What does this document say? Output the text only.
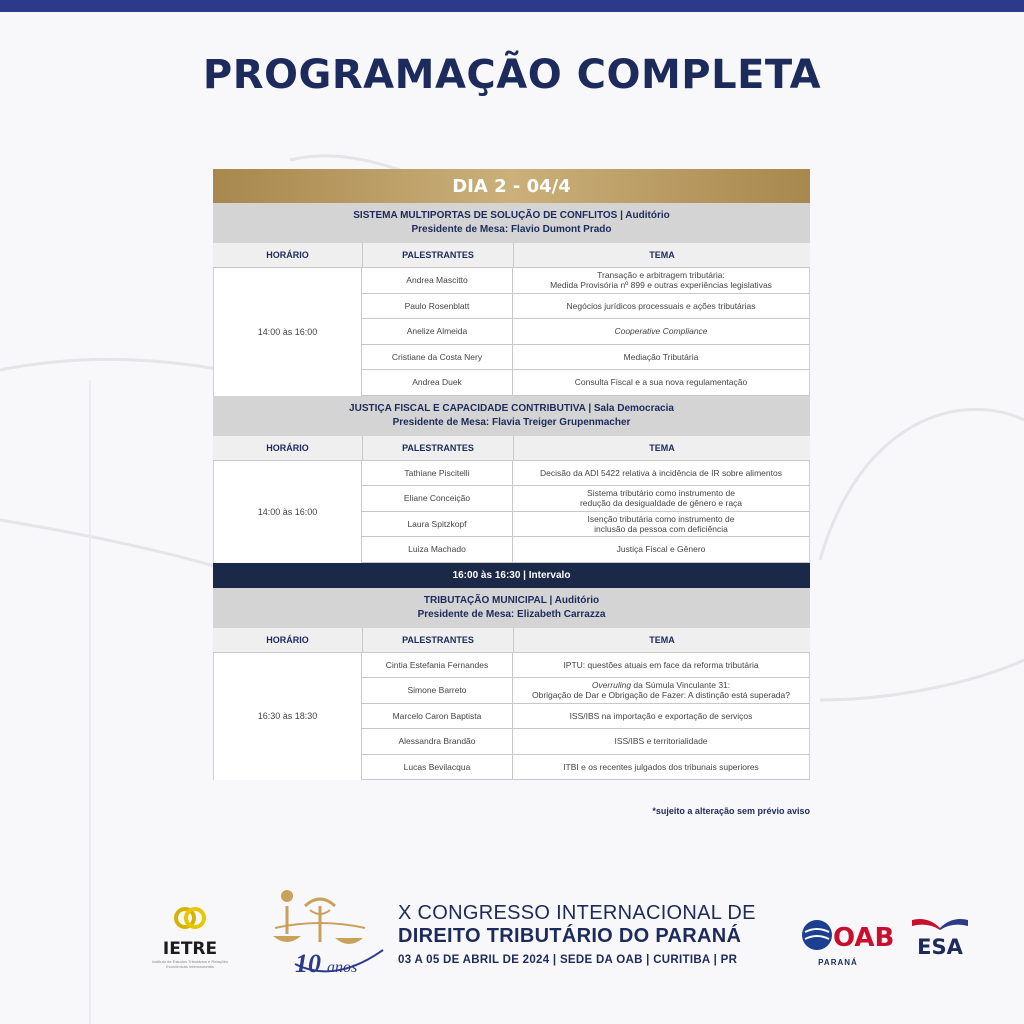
PROGRAMAÇÃO COMPLETA
DIA 2 - 04/4
SISTEMA MULTIPORTAS DE SOLUÇÃO DE CONFLITOS | Auditório
Presidente de Mesa: Flavio Dumont Prado
HORÁRIO	PALESTRANTES	TEMA
14:00 às 16:00
Andrea Mascitto	Transação e arbitragem tributária:
Medida Provisória nº 899 e outras experiências legislativas
Paulo Rosenblatt	Negócios jurídicos processuais e ações tributárias
Anelize Almeida	Cooperative Compliance
Cristiane da Costa Nery	Mediação Tributária
Andrea Duek	Consulta Fiscal e a sua nova regulamentação
JUSTIÇA FISCAL E CAPACIDADE CONTRIBUTIVA | Sala Democracia
Presidente de Mesa: Flavia Treiger Grupenmacher
HORÁRIO	PALESTRANTES	TEMA
14:00 às 16:00
Tathiane Piscitelli	Decisão da ADI 5422 relativa à incidência de IR sobre alimentos
Eliane Conceição	Sistema tributário como instrumento de
redução da desigualdade de gênero e raça
Laura Spitzkopf	Isenção tributária como instrumento de
inclusão da pessoa com deficiência
Luiza Machado	Justiça Fiscal e Gênero
16:00 às 16:30 | Intervalo
TRIBUTAÇÃO MUNICIPAL | Auditório
Presidente de Mesa: Elizabeth Carrazza
HORÁRIO	PALESTRANTES	TEMA
16:30 às 18:30
Cintia Estefania Fernandes	IPTU: questões atuais em face da reforma tributária
Simone Barreto	Overruling da Súmula Vinculante 31:
Obrigação de Dar e Obrigação de Fazer: A distinção está superada?
Marcelo Caron Baptista	ISS/IBS na importação e exportação de serviços
Alessandra Brandão	ISS/IBS e territorialidade
Lucas Bevilacqua	ITBI e os recentes julgados dos tribunais superiores
*sujeito a alteração sem prévio aviso
IETRE
Instituto de Estudos Tributários e Relações Econômicas Internacionais	10 anos
X CONGRESSO INTERNACIONAL DE
DIREITO TRIBUTÁRIO DO PARANÁ
03 A 05 DE ABRIL DE 2024 | SEDE DA OAB | CURITIBA | PR
OAB
PARANÁ
ESA
